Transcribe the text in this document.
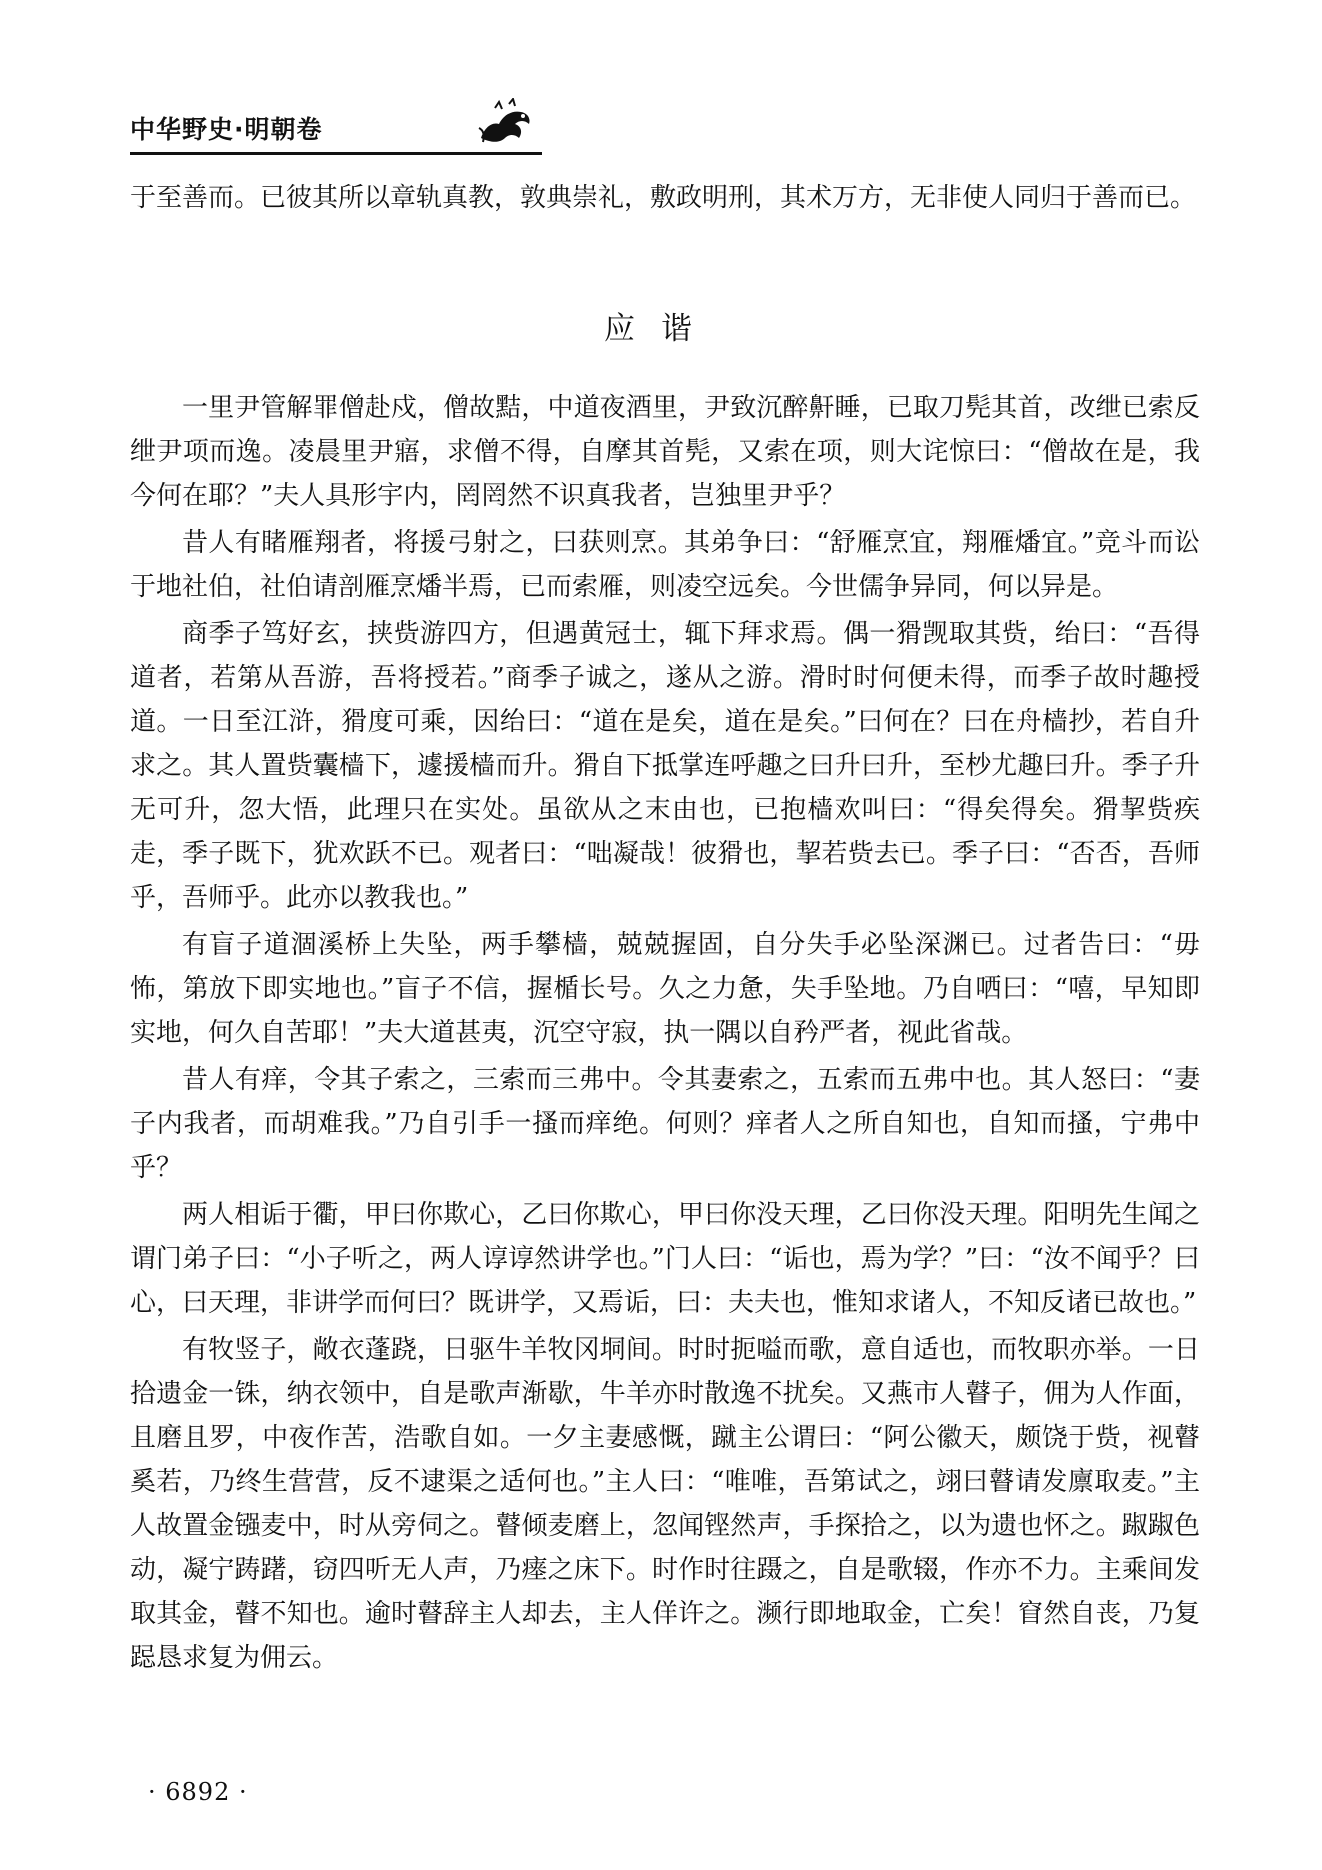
中华野史·明朝卷

于至善而。已彼其所以章轨真教，敦典崇礼，敷政明刑，其术万方，无非使人同归于善而已。

应谐

一里尹管解罪僧赴戍，僧故黠，中道夜酒里，尹致沉醉鼾睡，已取刀髡其首，改绁已索反绁尹项而逸。凌晨里尹寤，求僧不得，自摩其首髡，又索在项，则大诧惊曰：“僧故在是，我今何在耶？”夫人具形宇内，罔罔然不识真我者，岂独里尹乎？

昔人有睹雁翔者，将援弓射之，曰获则烹。其弟争曰：“舒雁烹宜，翔雁燔宜。”竞斗而讼于地社伯，社伯请剖雁烹燔半焉，已而索雁，则凌空远矣。今世儒争异同，何以异是。

商季子笃好玄，挟赀游四方，但遇黄冠士，辄下拜求焉。偶一猾觊取其赀，绐曰：“吾得道者，若第从吾游，吾将授若。”商季子诚之，遂从之游。滑时时何便未得，而季子故时趣授道。一日至江浒，猾度可乘，因绐曰：“道在是矣，道在是矣。”曰何在？曰在舟樯抄，若自升求之。其人置赀囊樯下，遽援樯而升。猾自下抵掌连呼趣之曰升曰升，至杪尤趣曰升。季子升无可升，忽大悟，此理只在实处。虽欲从之末由也，已抱樯欢叫曰：“得矣得矣。猾挈赀疾走，季子既下，犹欢跃不已。观者曰：“咄凝哉！彼猾也，挈若赀去已。季子曰：“否否，吾师乎，吾师乎。此亦以教我也。”

有盲子道涸溪桥上失坠，两手攀樯，兢兢握固，自分失手必坠深渊已。过者告曰：“毋怖，第放下即实地也。”盲子不信，握楯长号。久之力惫，失手坠地。乃自哂曰：“嘻，早知即实地，何久自苦耶！”夫大道甚夷，沉空守寂，执一隅以自矜严者，视此省哉。

昔人有痒，令其子索之，三索而三弗中。令其妻索之，五索而五弗中也。其人怒曰：“妻子内我者，而胡难我。”乃自引手一搔而痒绝。何则？痒者人之所自知也，自知而搔，宁弗中乎？

两人相诟于衢，甲曰你欺心，乙曰你欺心，甲曰你没天理，乙曰你没天理。阳明先生闻之谓门弟子曰：“小子听之，两人谆谆然讲学也。”门人曰：“诟也，焉为学？”曰：“汝不闻乎？曰心，曰天理，非讲学而何曰？既讲学，又焉诟，曰：夫夫也，惟知求诸人，不知反诸已故也。”

有牧竖子，敞衣蓬跷，日驱牛羊牧冈垌间。时时扼嗌而歌，意自适也，而牧职亦举。一日拾遗金一铢，纳衣领中，自是歌声渐歇，牛羊亦时散逸不扰矣。又燕市人瞽子，佣为人作面，且磨且罗，中夜作苦，浩歌自如。一夕主妻感慨，蹴主公谓曰：“阿公徽天，颇饶于赀，视瞽奚若，乃终生营营，反不逮渠之适何也。”主人曰：“唯唯，吾第试之，翊曰瞽请发廪取麦。”主人故置金镪麦中，时从旁伺之。瞽倾麦磨上，忽闻铿然声，手探拾之，以为遗也怀之。踧踧色动，凝宁踌躇，窃四听无人声，乃瘗之床下。时作时往蹑之，自是歌辍，作亦不力。主乘间发取其金，瞽不知也。逾时瞽辞主人却去，主人佯许之。濒行即地取金，亡矣！窅然自丧，乃复跽恳求复为佣云。

· 6892 ·
